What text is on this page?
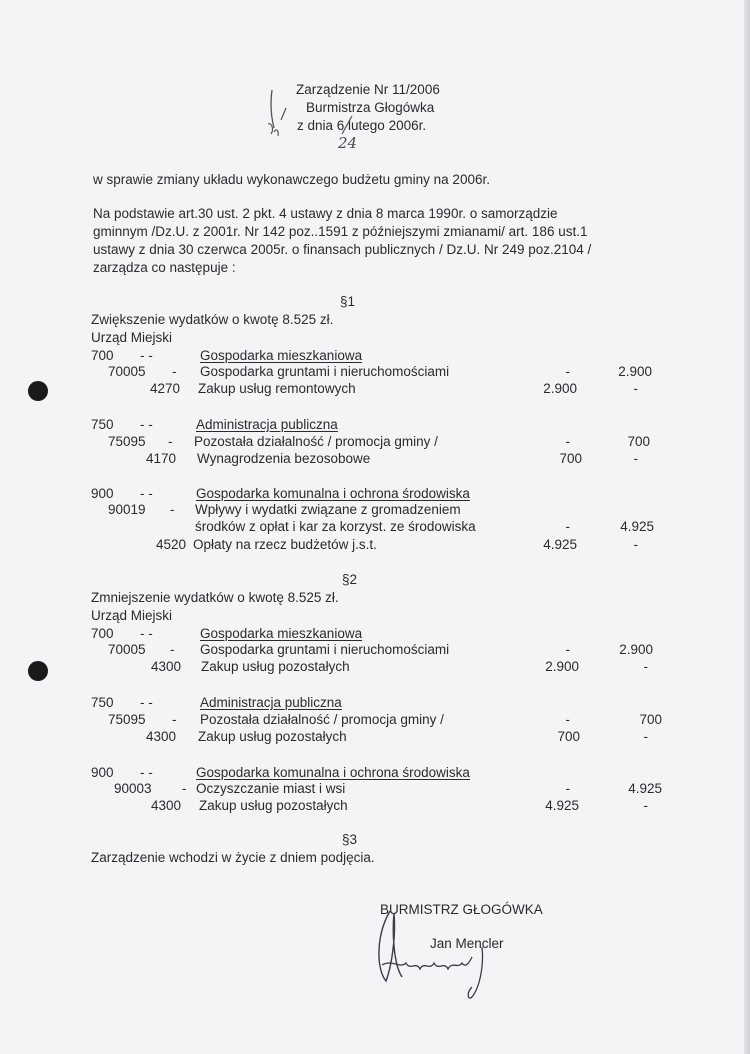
Zarządzenie Nr 11/2006
Burmistrza Głogówka
z dnia 6 lutego 2006r.
24
w sprawie zmiany układu wykonawczego budżetu gminy na 2006r.
Na podstawie art.30 ust. 2 pkt. 4 ustawy z dnia 8 marca 1990r. o samorządzie
gminnym /Dz.U. z 2001r. Nr 142 poz..1591 z późniejszymi zmianami/ art. 186 ust.1
ustawy z dnia 30 czerwca 2005r. o finansach publicznych / Dz.U. Nr 249 poz.2104 /
zarządza co następuje :
§1
Zwiększenie wydatków o kwotę 8.525 zł.
Urząd Miejski
700 - -	Gospodarka mieszkaniowa
70005 - Gospodarka gruntami i nieruchomościami	-	2.900
4270 Zakup usług remontowych	2.900	-
750 - -	Administracja publiczna
75095 - Pozostała działalność / promocja gminy /	-	700
4170 Wynagrodzenia bezosobowe	700	-
900 - -	Gospodarka komunalna i ochrona środowiska
90019 - Wpływy i wydatki związane z gromadzeniem
środków z opłat i kar za korzyst. ze środowiska	-	4.925
4520 Opłaty na rzecz budżetów j.s.t.	4.925	-
§2
Zmniejszenie wydatków o kwotę 8.525 zł.
Urząd Miejski
700 - -	Gospodarka mieszkaniowa
70005 - Gospodarka gruntami i nieruchomościami	-	2.900
4300 Zakup usług pozostałych	2.900	-
750 - -	Administracja publiczna
75095 - Pozostała działalność / promocja gminy /	-	700
4300 Zakup usług pozostałych	700	-
900 - -	Gospodarka komunalna i ochrona środowiska
90003 - Oczyszczanie miast i wsi	-	4.925
4300 Zakup usług pozostałych	4.925	-
§3
Zarządzenie wchodzi w życie z dniem podjęcia.
BURMISTRZ GŁOGÓWKA
Jan Mencler
